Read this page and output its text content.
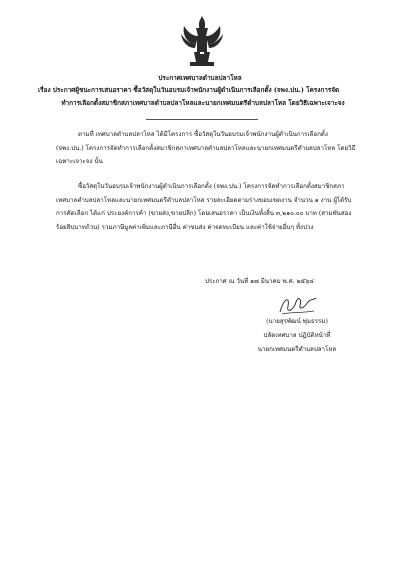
ประกาศเทศบาลตำบลปลาโหล
เรื่อง ประกาศผู้ชนะการเสนอราคา ซื้อวัสดุในวันอบรมเจ้าพนักงานผู้ดำเนินการเลือกตั้ง (จพง.ปน.) โครงการจัด

ทำการเลือกตั้งสมาชิกสภาเทศบาลตำบลปลาโหลและนายกเทศมนตรีตำบลปลาโหล โดยวิธีเฉพาะเจาะจง
ตามที่ เทศบาลตำบลปลาโหล ได้มีโครงการ ซื้อวัสดุในวันอบรมเจ้าพนักงานผู้ดำเนินการเลือกตั้ง
(จพง.ปน.) โครงการจัดทำการเลือกตั้งสมาชิกสภาเทศบาลตำบลปลาโหลและนายกเทศมนตรีตำบลปลาโหล โดยวิธี
เฉพาะเจาะจง นั้น
ซื้อวัสดุในวันอบรมเจ้าพนักงานผู้ดำเนินการเลือกตั้ง (จพง.ปน.) โครงการจัดทำการเลือกตั้งสมาชิกสภา
เทศบาลตำบลปลาโหลและนายกเทศมนตรีตำบลปลาโหล รายละเอียดตามร่างขอบเขตงาน จำนวน ๑ งาน ผู้ได้รับ
การคัดเลือก ได้แก่ ประยงค์การค้า (ขายส่ง,ขายปลีก) โดยเสนอราคา เป็นเงินทั้งสิ้น ๓,๒๑๐.๐๐ บาท (สามพันสอง
ร้อยสิบบาทถ้วน) รวมภาษีมูลค่าเพิ่มและภาษีอื่น ค่าขนส่ง ค่าจดทะเบียน และค่าใช้จ่ายอื่นๆ ทั้งปวง
ประกาศ ณ วันที่ ๑๗ มีนาคม พ.ศ. ๒๕๖๔
(นายสุรพัฒน์ พุ่มธรรม)
ปลัดเทศบาล ปฏิบัติหน้าที่
นายกเทศมนตรีตำบลปลาโหล
